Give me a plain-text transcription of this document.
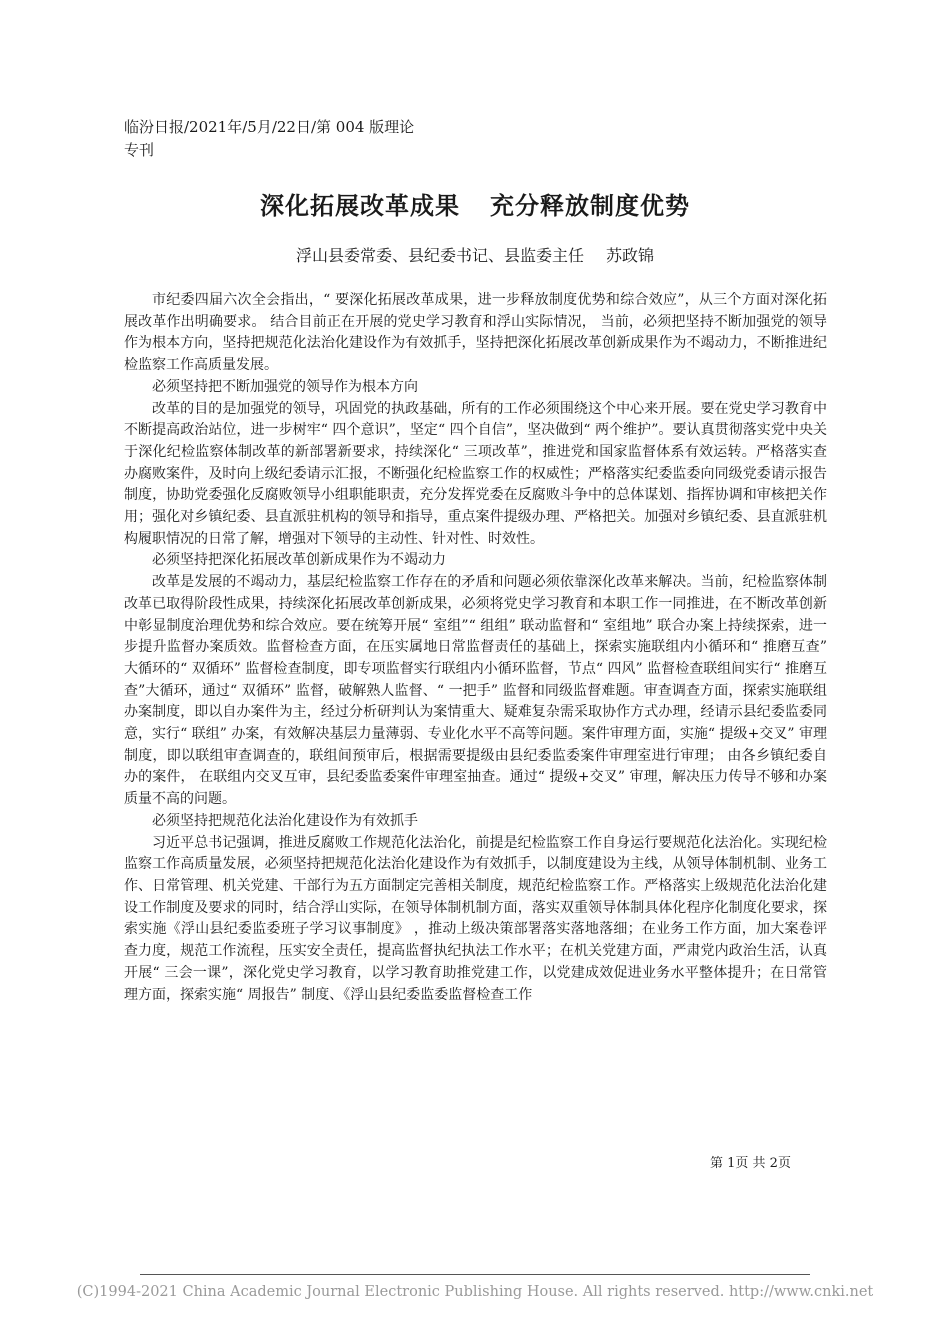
临汾日报/2021年/5月/22日/第 004 版理论专刊
深化拓展改革成果 充分释放制度优势
浮山县委常委、县纪委书记、县监委主任 苏政锦

市纪委四届六次全会指出，“ 要深化拓展改革成果，进一步释放制度优势和综合效应”，从三个方面对深化拓展改革作出明确要求。 结合目前正在开展的党史学习教育和浮山实际情况， 当前，必须把坚持不断加强党的领导作为根本方向，坚持把规范化法治化建设作为有效抓手，坚持把深化拓展改革创新成果作为不竭动力，不断推进纪检监察工作高质量发展。

必须坚持把不断加强党的领导作为根本方向

改革的目的是加强党的领导，巩固党的执政基础，所有的工作必须围绕这个中心来开展。要在党史学习教育中不断提高政治站位，进一步树牢“ 四个意识”，坚定“ 四个自信”，坚决做到“ 两个维护”。要认真贯彻落实党中央关于深化纪检监察体制改革的新部署新要求，持续深化“ 三项改革”，推进党和国家监督体系有效运转。严格落实查办腐败案件，及时向上级纪委请示汇报，不断强化纪检监察工作的权威性；严格落实纪委监委向同级党委请示报告制度，协助党委强化反腐败领导小组职能职责，充分发挥党委在反腐败斗争中的总体谋划、指挥协调和审核把关作用；强化对乡镇纪委、县直派驻机构的领导和指导，重点案件提级办理、严格把关。加强对乡镇纪委、县直派驻机构履职情况的日常了解，增强对下领导的主动性、针对性、时效性。

必须坚持把深化拓展改革创新成果作为不竭动力

改革是发展的不竭动力，基层纪检监察工作存在的矛盾和问题必须依靠深化改革来解决。当前，纪检监察体制改革已取得阶段性成果，持续深化拓展改革创新成果，必须将党史学习教育和本职工作一同推进，在不断改革创新中彰显制度治理优势和综合效应。要在统筹开展“ 室组”“ 组组” 联动监督和“ 室组地” 联合办案上持续探索，进一步提升监督办案质效。监督检查方面，在压实属地日常监督责任的基础上，探索实施联组内小循环和“ 推磨互查” 大循环的“ 双循环” 监督检查制度，即专项监督实行联组内小循环监督，节点“ 四风” 监督检查联组间实行“ 推磨互查”大循环，通过“ 双循环” 监督，破解熟人监督、“ 一把手” 监督和同级监督难题。审查调查方面，探索实施联组办案制度，即以自办案件为主，经过分析研判认为案情重大、疑难复杂需采取协作方式办理，经请示县纪委监委同意，实行“ 联组” 办案，有效解决基层力量薄弱、专业化水平不高等问题。案件审理方面，实施“ 提级+交叉” 审理制度，即以联组审查调查的，联组间预审后，根据需要提级由县纪委监委案件审理室进行审理； 由各乡镇纪委自办的案件， 在联组内交叉互审，县纪委监委案件审理室抽查。通过“ 提级+交叉” 审理，解决压力传导不够和办案质量不高的问题。

必须坚持把规范化法治化建设作为有效抓手

习近平总书记强调，推进反腐败工作规范化法治化，前提是纪检监察工作自身运行要规范化法治化。实现纪检监察工作高质量发展，必须坚持把规范化法治化建设作为有效抓手，以制度建设为主线，从领导体制机制、业务工作、日常管理、机关党建、干部行为五方面制定完善相关制度，规范纪检监察工作。严格落实上级规范化法治化建设工作制度及要求的同时，结合浮山实际，在领导体制机制方面，落实双重领导体制具体化程序化制度化要求，探索实施《浮山县纪委监委班子学习议事制度》 ，推动上级决策部署落实落地落细；在业务工作方面，加大案卷评查力度，规范工作流程，压实安全责任，提高监督执纪执法工作水平；在机关党建方面，严肃党内政治生活，认真开展“ 三会一课”，深化党史学习教育，以学习教育助推党建工作，以党建成效促进业务水平整体提升；在日常管理方面，探索实施“ 周报告” 制度、《浮山县纪委监委监督检查工作

第 1页 共 2页
(C)1994-2021 China Academic Journal Electronic Publishing House. All rights reserved. http://www.cnki.net
